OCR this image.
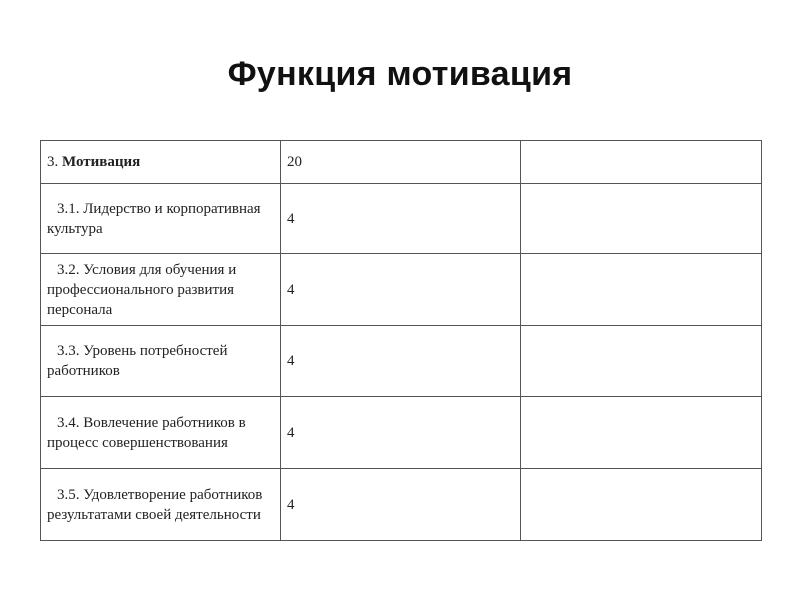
Функция мотивация
3. Мотивация	20	
3.1. Лидерство и корпоративная культура	4	
3.2. Условия для обучения и профессионального развития персонала	4	
3.3. Уровень потребностей работников	4	
3.4. Вовлечение работников в процесс совершенствования	4	
3.5. Удовлетворение работников результатами своей деятельности	4	
